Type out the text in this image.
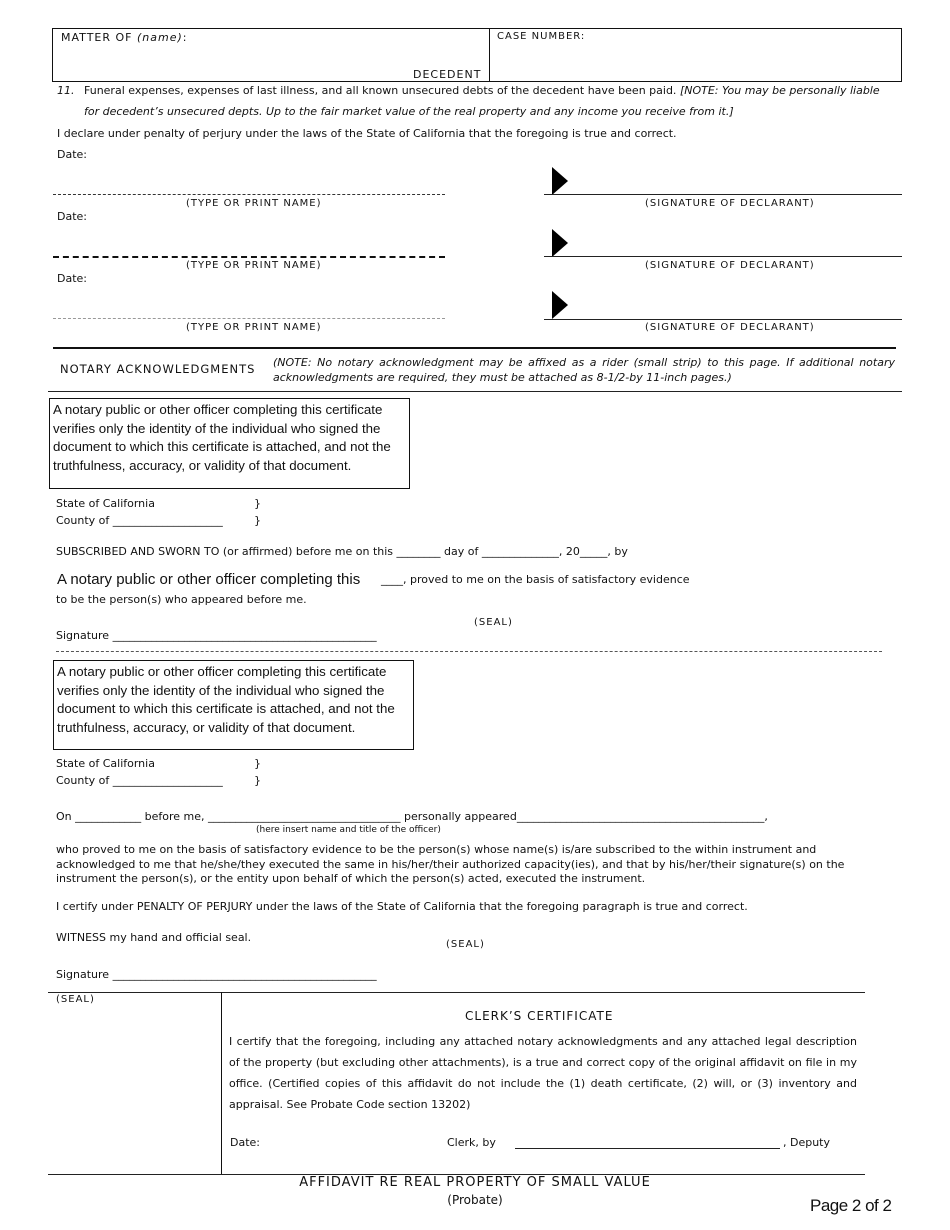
MATTER OF (name):
DECEDENT
CASE NUMBER:
11. Funeral expenses, expenses of last illness, and all known unsecured debts of the decedent have been paid. [NOTE: You may be personally liable
for decedent’s unsecured depts. Up to the fair market value of the real property and any income you receive from it.]
I declare under penalty of perjury under the laws of the State of California that the foregoing is true and correct.
Date:
(TYPE OR PRINT NAME)	(SIGNATURE OF DECLARANT)
Date:
(TYPE OR PRINT NAME)	(SIGNATURE OF DECLARANT)
Date:
(TYPE OR PRINT NAME)	(SIGNATURE OF DECLARANT)
NOTARY ACKNOWLEDGMENTS (NOTE: No notary acknowledgment may be affixed as a rider (small strip) to this page. If additional notary acknowledgments are required, they must be attached as 8-1/2-by 11-inch pages.)
A notary public or other officer completing this certificate verifies only the identity of the individual who signed the document to which this certificate is attached, and not the truthfulness, accuracy, or validity of that document.
State of California	}
County of ____________________	}
SUBSCRIBED AND SWORN TO (or affirmed) before me on this ________ day of ______________, 20_____, by
A notary public or other officer completing this ____, proved to me on the basis of satisfactory evidence
to be the person(s) who appeared before me.
(SEAL)
Signature ________________________________________________
A notary public or other officer completing this certificate verifies only the identity of the individual who signed the document to which this certificate is attached, and not the truthfulness, accuracy, or validity of that document.
State of California	}
County of ____________________	}
On ____________ before me, ___________________________________ personally appeared_____________________________________________,
(here insert name and title of the officer)
who proved to me on the basis of satisfactory evidence to be the person(s) whose name(s) is/are subscribed to the within instrument and acknowledged to me that he/she/they executed the same in his/her/their authorized capacity(ies), and that by his/her/their signature(s) on the instrument the person(s), or the entity upon behalf of which the person(s) acted, executed the instrument.
I certify under PENALTY OF PERJURY under the laws of the State of California that the foregoing paragraph is true and correct.
WITNESS my hand and official seal.
(SEAL)
Signature ________________________________________________
(SEAL)
CLERK’S CERTIFICATE
I certify that the foregoing, including any attached notary acknowledgments and any attached legal description of the property (but excluding other attachments), is a true and correct copy of the original affidavit on file in my office. (Certified copies of this affidavit do not include the (1) death certificate, (2) will, or (3) inventory and appraisal. See Probate Code section 13202)
Date:	Clerk, by	, Deputy
AFFIDAVIT RE REAL PROPERTY OF SMALL VALUE
(Probate)	Page 2 of 2
